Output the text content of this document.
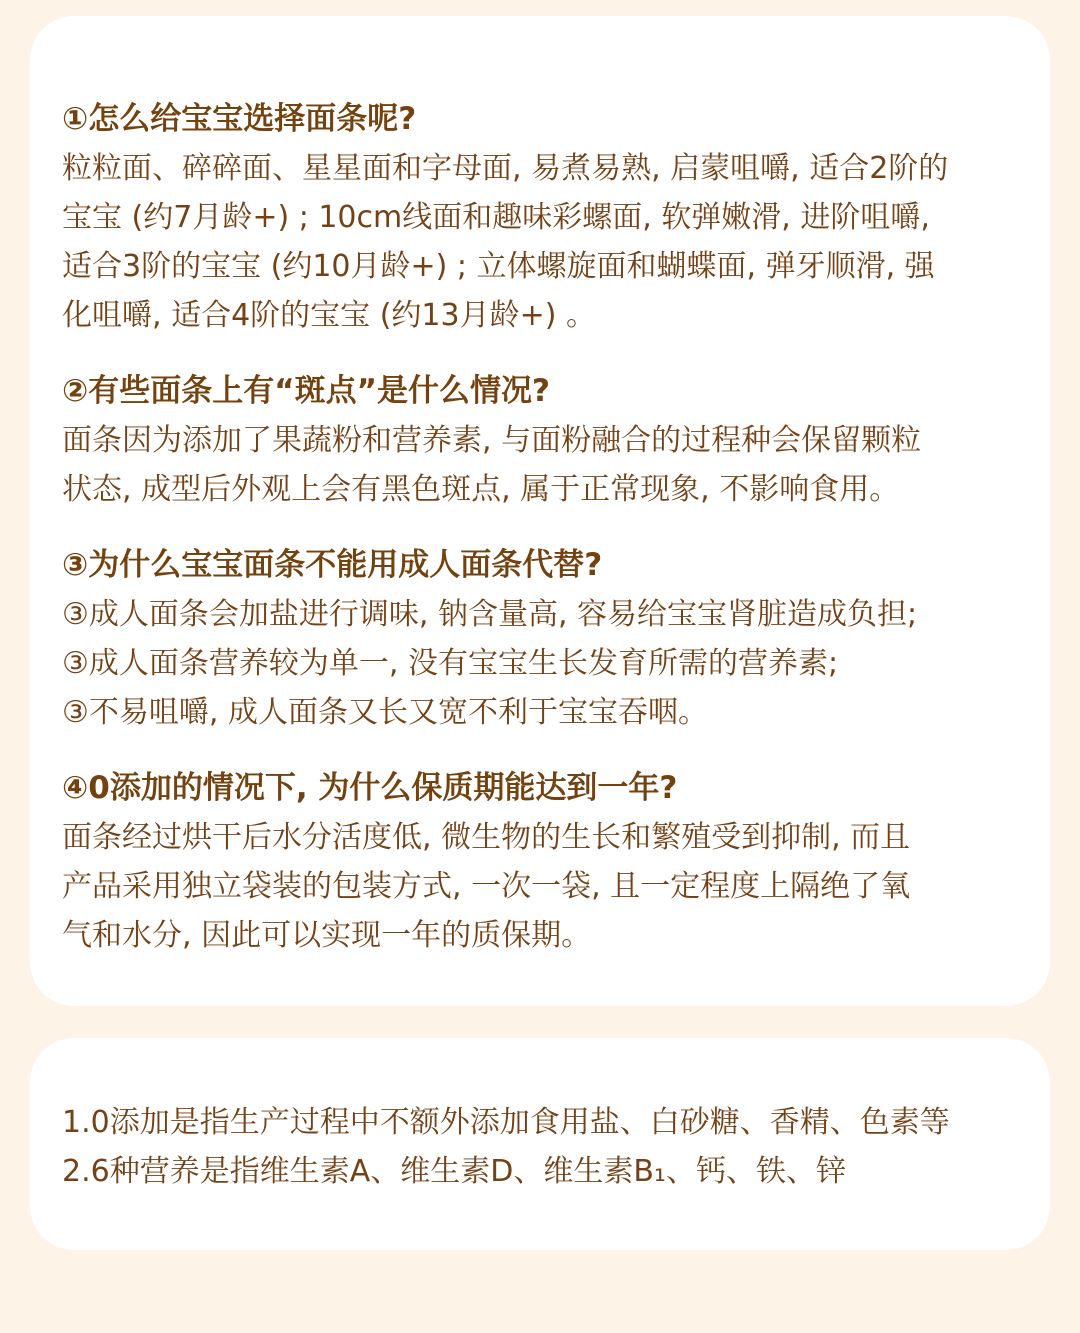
①怎么给宝宝选择面条呢?

粒粒面、碎碎面、星星面和字母面, 易煮易熟, 启蒙咀嚼, 适合2阶的

宝宝 (约7月龄+) ; 10cm线面和趣味彩螺面, 软弹嫩滑, 进阶咀嚼,

适合3阶的宝宝 (约10月龄+) ; 立体螺旋面和蝴蝶面, 弹牙顺滑, 强

化咀嚼, 适合4阶的宝宝 (约13月龄+) 。

②有些面条上有“斑点”是什么情况?

面条因为添加了果蔬粉和营养素, 与面粉融合的过程种会保留颗粒

状态, 成型后外观上会有黑色斑点, 属于正常现象, 不影响食用。

③为什么宝宝面条不能用成人面条代替?

③成人面条会加盐进行调味, 钠含量高, 容易给宝宝肾脏造成负担;

③成人面条营养较为单一, 没有宝宝生长发育所需的营养素;

③不易咀嚼, 成人面条又长又宽不利于宝宝吞咽。

④0添加的情况下, 为什么保质期能达到一年?

面条经过烘干后水分活度低, 微生物的生长和繁殖受到抑制, 而且

产品采用独立袋装的包装方式, 一次一袋, 且一定程度上隔绝了氧

气和水分, 因此可以实现一年的质保期。

1.0添加是指生产过程中不额外添加食用盐、白砂糖、香精、色素等

2.6种营养是指维生素A、维生素D、维生素B₁、钙、铁、锌
